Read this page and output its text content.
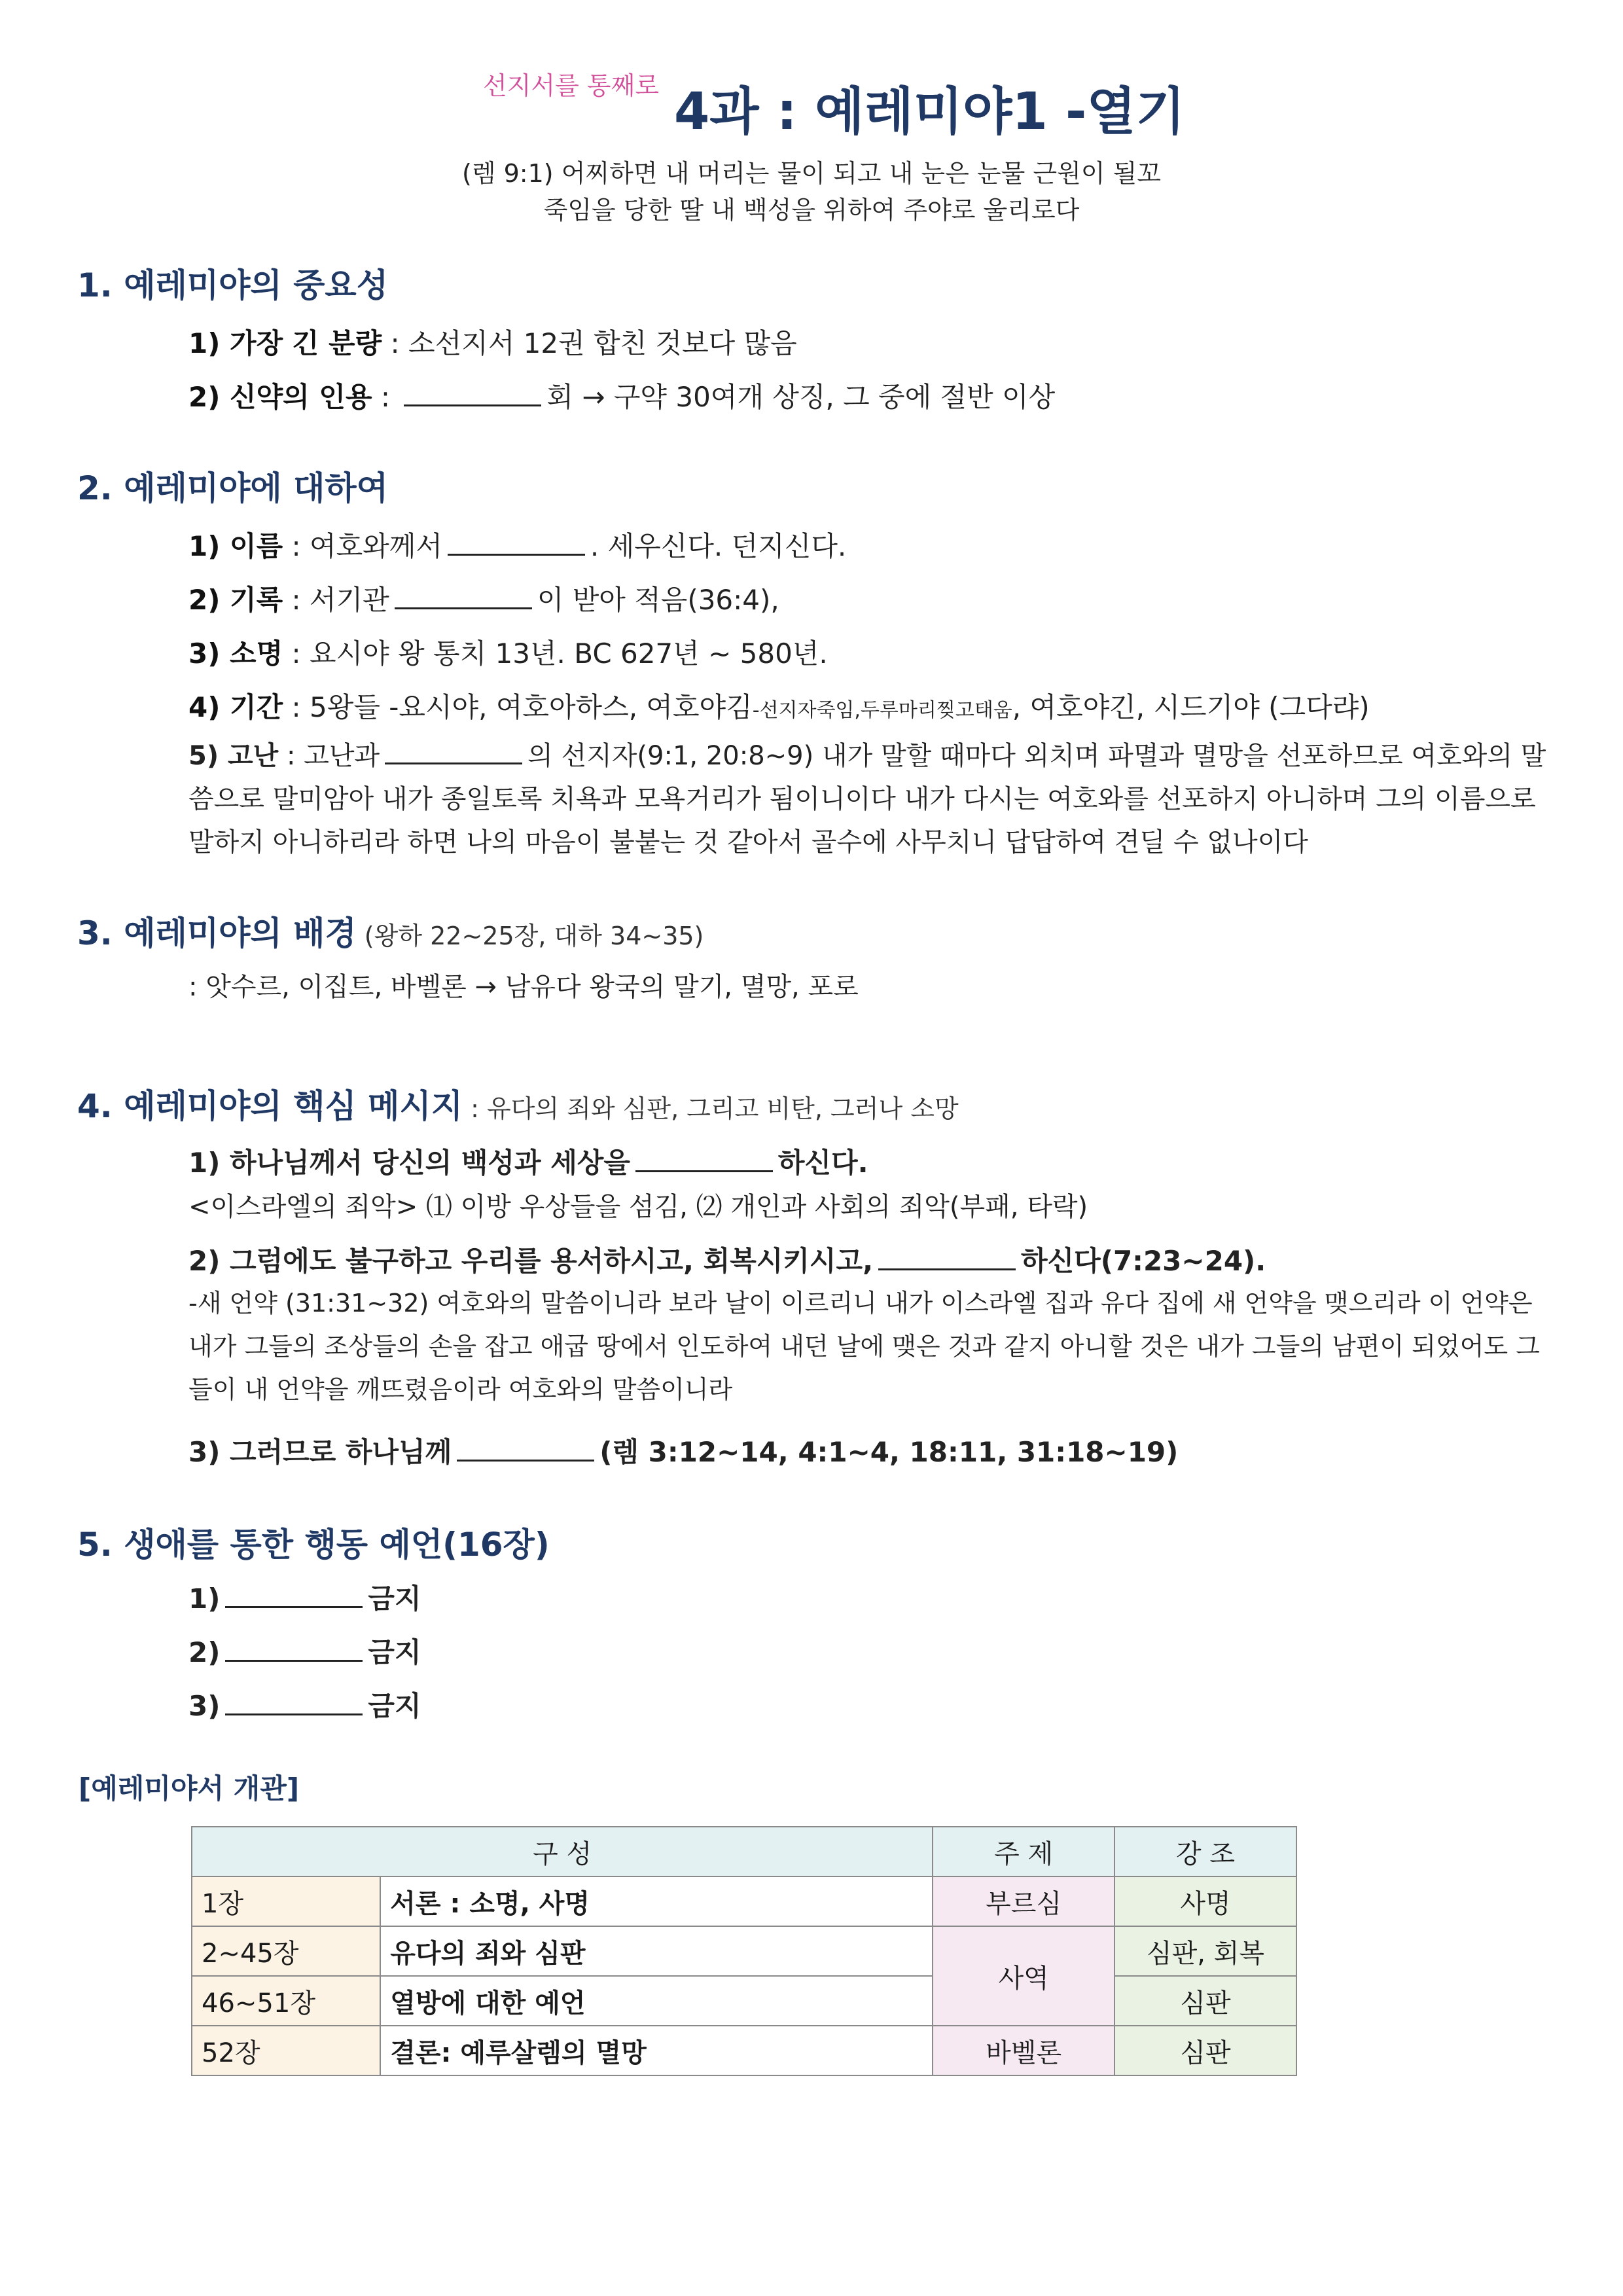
선지서를 통째로 4과 : 예레미야1 -열기
(렘 9:1) 어찌하면 내 머리는 물이 되고 내 눈은 눈물 근원이 될꼬
죽임을 당한 딸 내 백성을 위하여 주야로 울리로다
1. 예레미야의 중요성
1) 가장 긴 분량 : 소선지서 12권 합친 것보다 많음
2) 신약의 인용 :	회 → 구약 30여개 상징, 그 중에 절반 이상
2. 예레미야에 대하여
1) 이름 : 여호와께서	. 세우신다. 던지신다.
2) 기록 : 서기관	이 받아 적음(36:4),
3) 소명 : 요시야 왕 통치 13년. BC 627년 ~ 580년.
4) 기간 : 5왕들 -요시야, 여호아하스, 여호야김-선지자죽임,두루마리찢고태움, 여호야긴, 시드기야 (그다랴)
5) 고난 : 고난과	의 선지자(9:1, 20:8~9) 내가 말할 때마다 외치며 파멸과 멸망을 선포하므로 여호와의 말씀으로 말미암아 내가 종일토록 치욕과 모욕거리가 됨이니이다 내가 다시는 여호와를 선포하지 아니하며 그의 이름으로 말하지 아니하리라 하면 나의 마음이 불붙는 것 같아서 골수에 사무치니 답답하여 견딜 수 없나이다
3. 예레미야의 배경 (왕하 22~25장, 대하 34~35)
: 앗수르, 이집트, 바벨론 → 남유다 왕국의 말기, 멸망, 포로
4. 예레미야의 핵심 메시지 : 유다의 죄와 심판, 그리고 비탄, 그러나 소망
1) 하나님께서 당신의 백성과 세상을	하신다.
<이스라엘의 죄악> ⑴ 이방 우상들을 섬김, ⑵ 개인과 사회의 죄악(부패, 타락)
2) 그럼에도 불구하고 우리를 용서하시고, 회복시키시고,	하신다(7:23~24).
-새 언약 (31:31~32) 여호와의 말씀이니라 보라 날이 이르리니 내가 이스라엘 집과 유다 집에 새 언약을 맺으리라 이 언약은 내가 그들의 조상들의 손을 잡고 애굽 땅에서 인도하여 내던 날에 맺은 것과 같지 아니할 것은 내가 그들의 남편이 되었어도 그들이 내 언약을 깨뜨렸음이라 여호와의 말씀이니라
3) 그러므로 하나님께	(렘 3:12~14, 4:1~4, 18:11, 31:18~19)
5. 생애를 통한 행동 예언(16장)
1)	금지
2)	금지
3)	금지
[예레미야서 개관]
구 성		주 제	강 조
1장	서론 : 소명, 사명	부르심	사명
2~45장	유다의 죄와 심판	사역	심판, 회복
46~51장	열방에 대한 예언		심판
52장	결론: 예루살렘의 멸망	바벨론	심판
